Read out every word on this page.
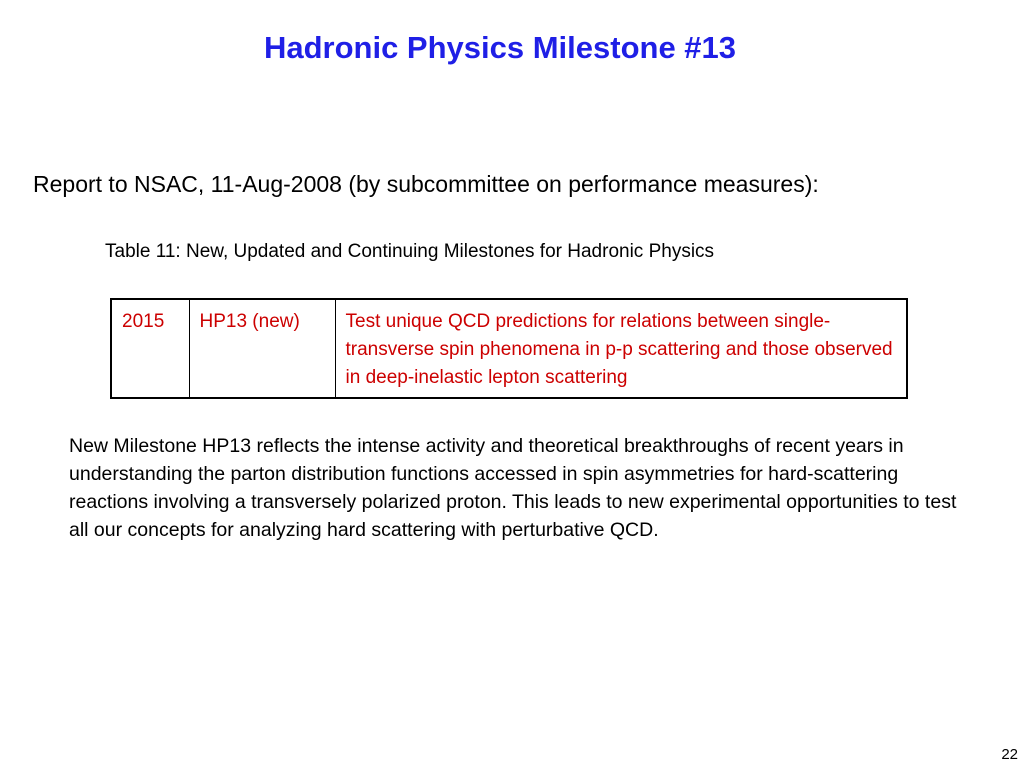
Hadronic Physics Milestone #13
Report to NSAC, 11-Aug-2008 (by subcommittee on performance measures):
Table 11: New, Updated and Continuing Milestones for Hadronic Physics
2015	HP13 (new)	Test unique QCD predictions for relations between single-transverse spin phenomena in p-p scattering and those observed in deep-inelastic lepton scattering
New Milestone HP13 reflects the intense activity and theoretical breakthroughs of recent years in understanding the parton distribution functions accessed in spin asymmetries for hard-scattering reactions involving a transversely polarized proton. This leads to new experimental opportunities to test all our concepts for analyzing hard scattering with perturbative QCD.
22
